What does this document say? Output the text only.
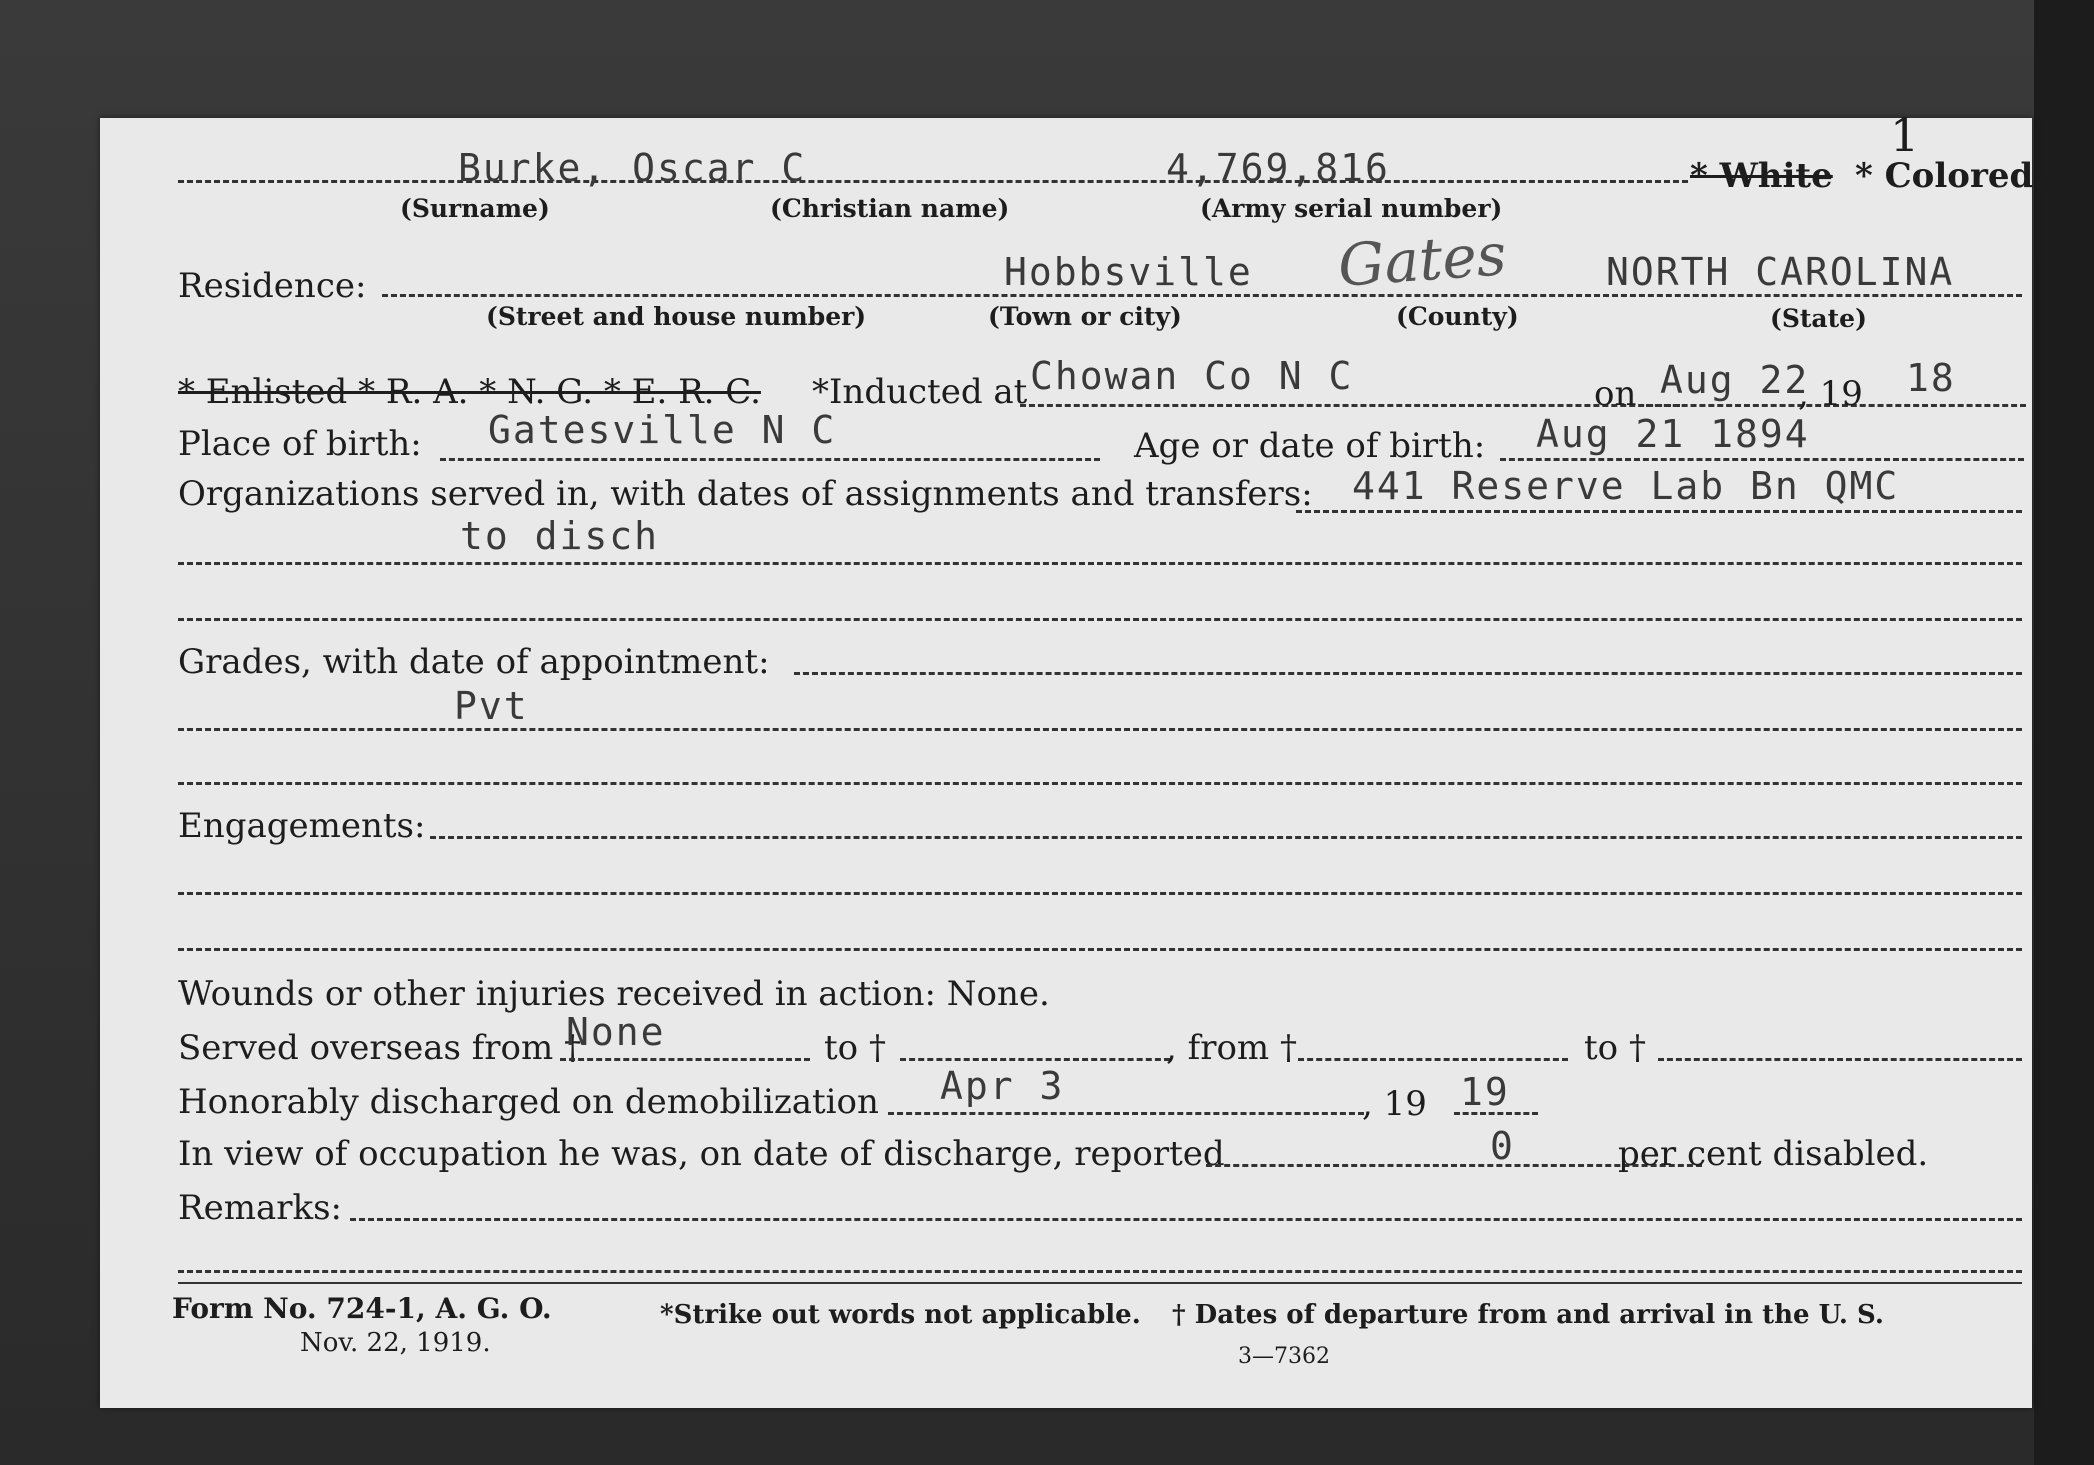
1
Burke, Oscar C	4,769,816	* White * Colored.
(Surname)	(Christian name)	(Army serial number)
Residence:	Hobbsville Gates	NORTH CAROLINA
(Street and house number)	(Town or city)	(County)	(State)
* Enlisted * R. A. * N. G. * E. R. C. *Inducted at Chowan Co N C	on Aug 22
, 19 18
Place of birth: Gatesville N C	Age or date of birth: Aug 21 1894
Organizations served in, with dates of assignments and transfers: 441 Reserve Lab Bn QMC
to disch
Grades, with date of appointment:
Pvt
Engagements:
Wounds or other injuries received in action: None.
Served overseas from †
None	to †	, from †	to †
Honorably discharged on demobilization Apr 3	, 19 19
In view of occupation he was, on date of discharge, reported	0	per cent disabled.
Remarks:
Form No. 724-1, A. G. O.
Nov. 22, 1919.
*Strike out words not applicable. † Dates of departure from and arrival in the U. S.
3—7362
